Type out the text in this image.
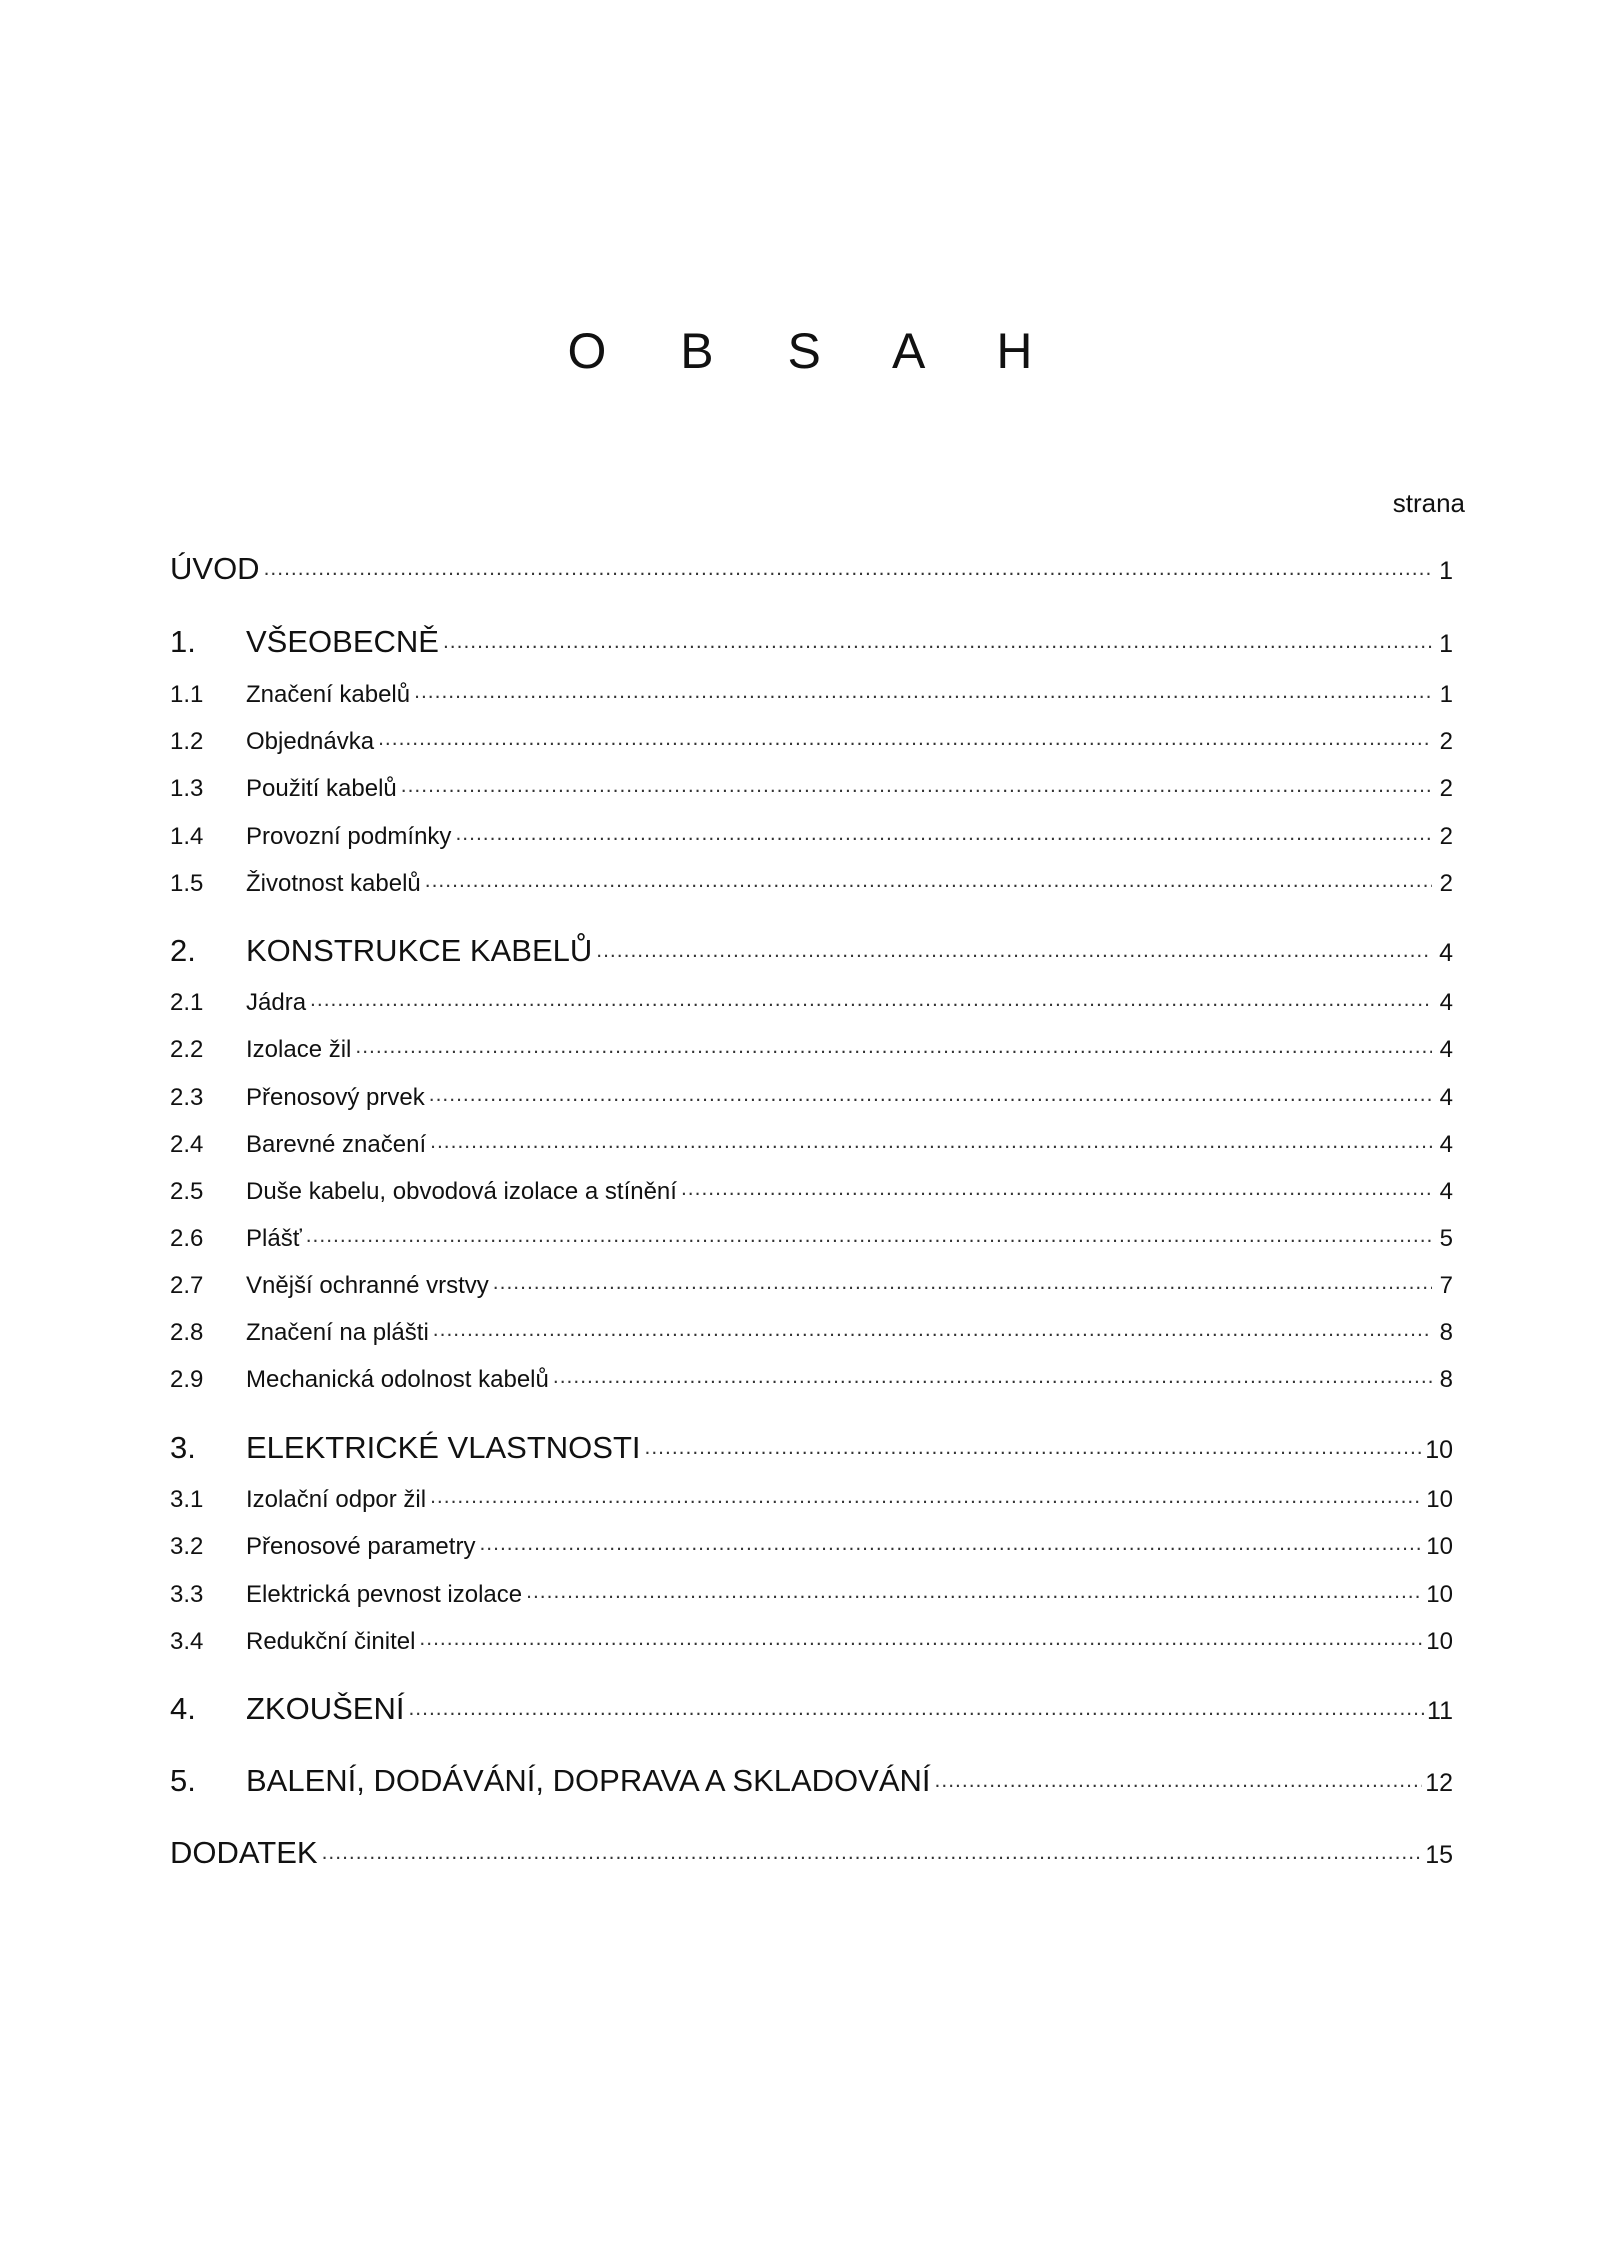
O B S A H
strana
ÚVOD .....	1
1.	VŠEOBECNĚ .....	1
1.1	Značení kabelů .....	1
1.2	Objednávka .....	2
1.3	Použití kabelů .....	2
1.4	Provozní podmínky .....	2
1.5	Životnost kabelů .....	2
2.	KONSTRUKCE KABELŮ .....	4
2.1	Jádra .....	4
2.2	Izolace žil .....	4
2.3	Přenosový prvek .....	4
2.4	Barevné značení .....	4
2.5	Duše kabelu, obvodová izolace a stínění .....	4
2.6	Plášť .....	5
2.7	Vnější ochranné vrstvy .....	7
2.8	Značení na plášti .....	8
2.9	Mechanická odolnost kabelů .....	8
3.	ELEKTRICKÉ VLASTNOSTI .....	10
3.1	Izolační odpor žil .....	10
3.2	Přenosové parametry .....	10
3.3	Elektrická pevnost izolace .....	10
3.4	Redukční činitel .....	10
4.	ZKOUŠENÍ .....	11
5.	BALENÍ, DODÁVÁNÍ, DOPRAVA A SKLADOVÁNÍ .....	12
DODATEK .....	15
